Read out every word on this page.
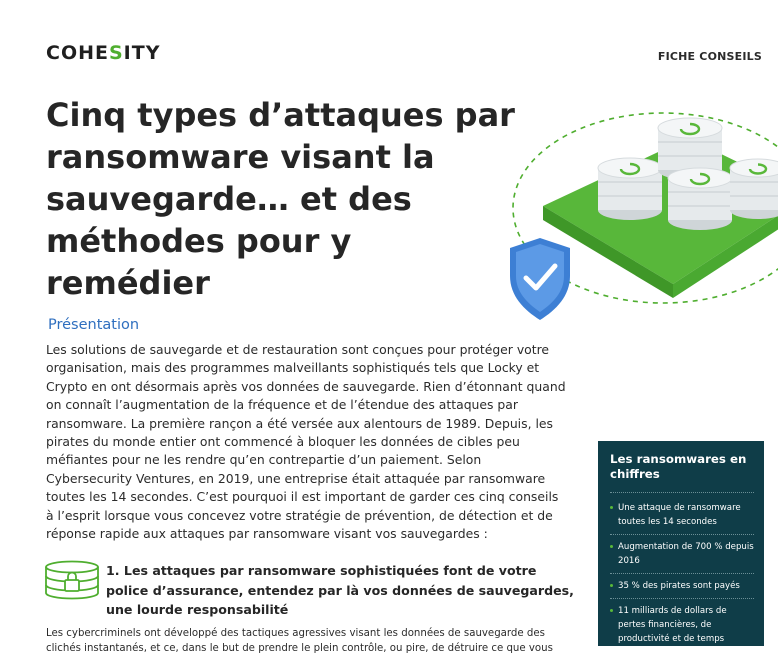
COHESITY	FICHE CONSEILS
Cinq types d’attaques par ransomware visant la sauvegarde… et des méthodes pour y remédier
Présentation

Les solutions de sauvegarde et de restauration sont conçues pour protéger votre organisation, mais des programmes malveillants sophistiqués tels que Locky et Crypto en ont désormais après vos données de sauvegarde. Rien d’étonnant quand on connaît l’augmentation de la fréquence et de l’étendue des attaques par ransomware. La première rançon a été versée aux alentours de 1989. Depuis, les pirates du monde entier ont commencé à bloquer les données de cibles peu méfiantes pour ne les rendre qu’en contrepartie d’un paiement. Selon Cybersecurity Ventures, en 2019, une entreprise était attaquée par ransomware toutes les 14 secondes. C’est pourquoi il est important de garder ces cinq conseils à l’esprit lorsque vous concevez votre stratégie de prévention, de détection et de réponse rapide aux attaques par ransomware visant vos sauvegardes :

1. Les attaques par ransomware sophistiquées font de votre police d’assurance, entendez par là vos données de sauvegardes, une lourde responsabilité

Les cybercriminels ont développé des tactiques agressives visant les données de sauvegarde des clichés instantanés, et ce, dans le but de prendre le plein contrôle, ou pire, de détruire ce que vous

Les ransomwares en chiffres

Une attaque de ransomware toutes les 14 secondes
Augmentation de 700 % depuis 2016
35 % des pirates sont payés
11 milliards de dollars de pertes financières, de productivité et de temps d’arrêt !
